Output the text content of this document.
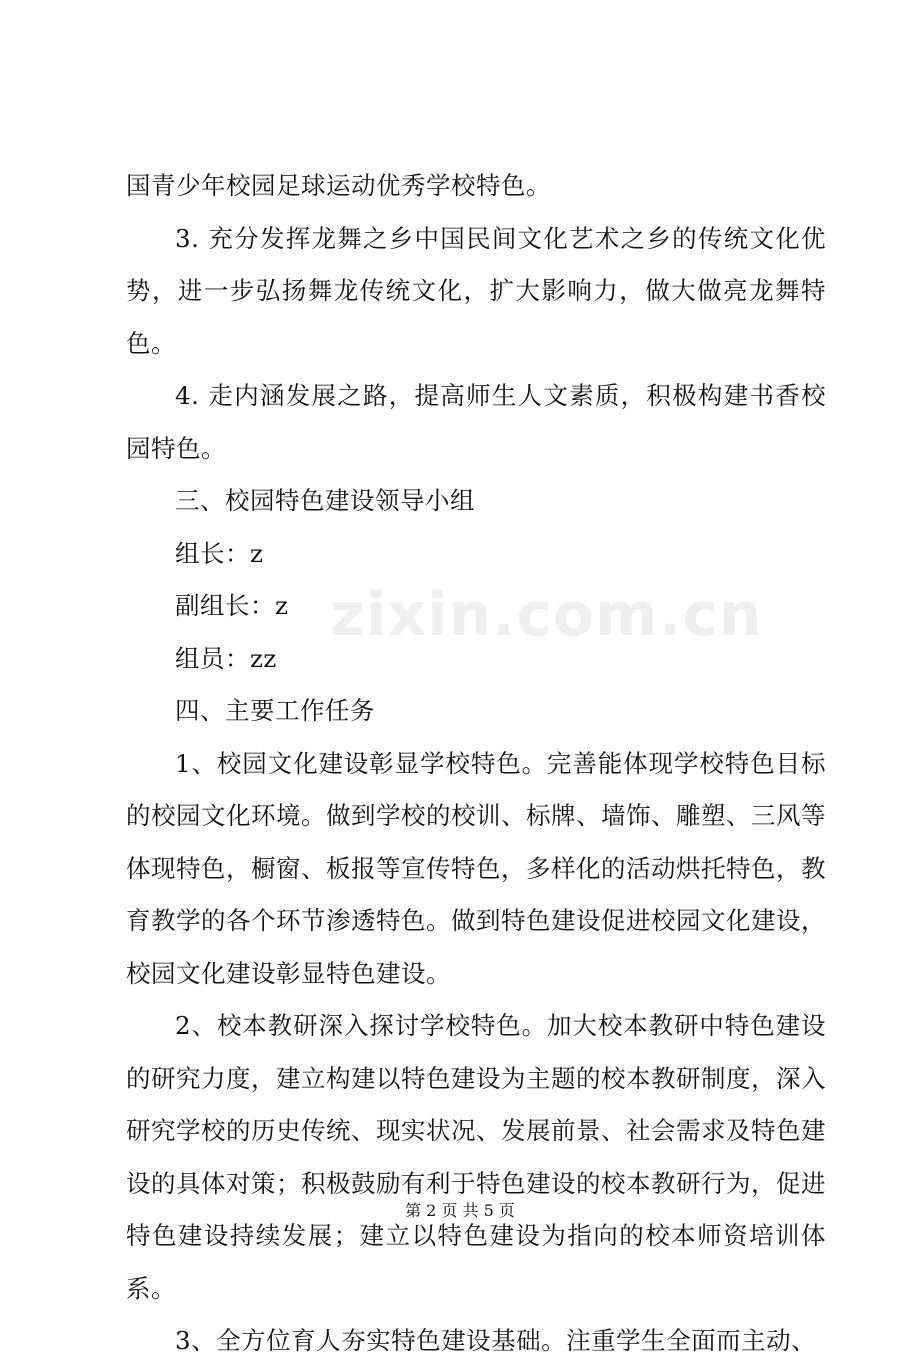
国青少年校园足球运动优秀学校特色。

3. 充分发挥龙舞之乡中国民间文化艺术之乡的传统文化优势，进一步弘扬舞龙传统文化，扩大影响力，做大做亮龙舞特色。

4. 走内涵发展之路，提高师生人文素质，积极构建书香校园特色。

三、校园特色建设领导小组

组长：z

副组长：z

组员：zz

四、主要工作任务

1、校园文化建设彰显学校特色。完善能体现学校特色目标的校园文化环境。做到学校的校训、标牌、墙饰、雕塑、三风等体现特色，橱窗、板报等宣传特色，多样化的活动烘托特色，教育教学的各个环节渗透特色。做到特色建设促进校园文化建设，校园文化建设彰显特色建设。

2、校本教研深入探讨学校特色。加大校本教研中特色建设的研究力度，建立构建以特色建设为主题的校本教研制度，深入研究学校的历史传统、现实状况、发展前景、社会需求及特色建设的具体对策；积极鼓励有利于特色建设的校本教研行为，促进特色建设持续发展；建立以特色建设为指向的校本师资培训体系。

3、全方位育人夯实特色建设基础。注重学生全面而主动、

zixin.com.cn
第 2 页 共 5 页
